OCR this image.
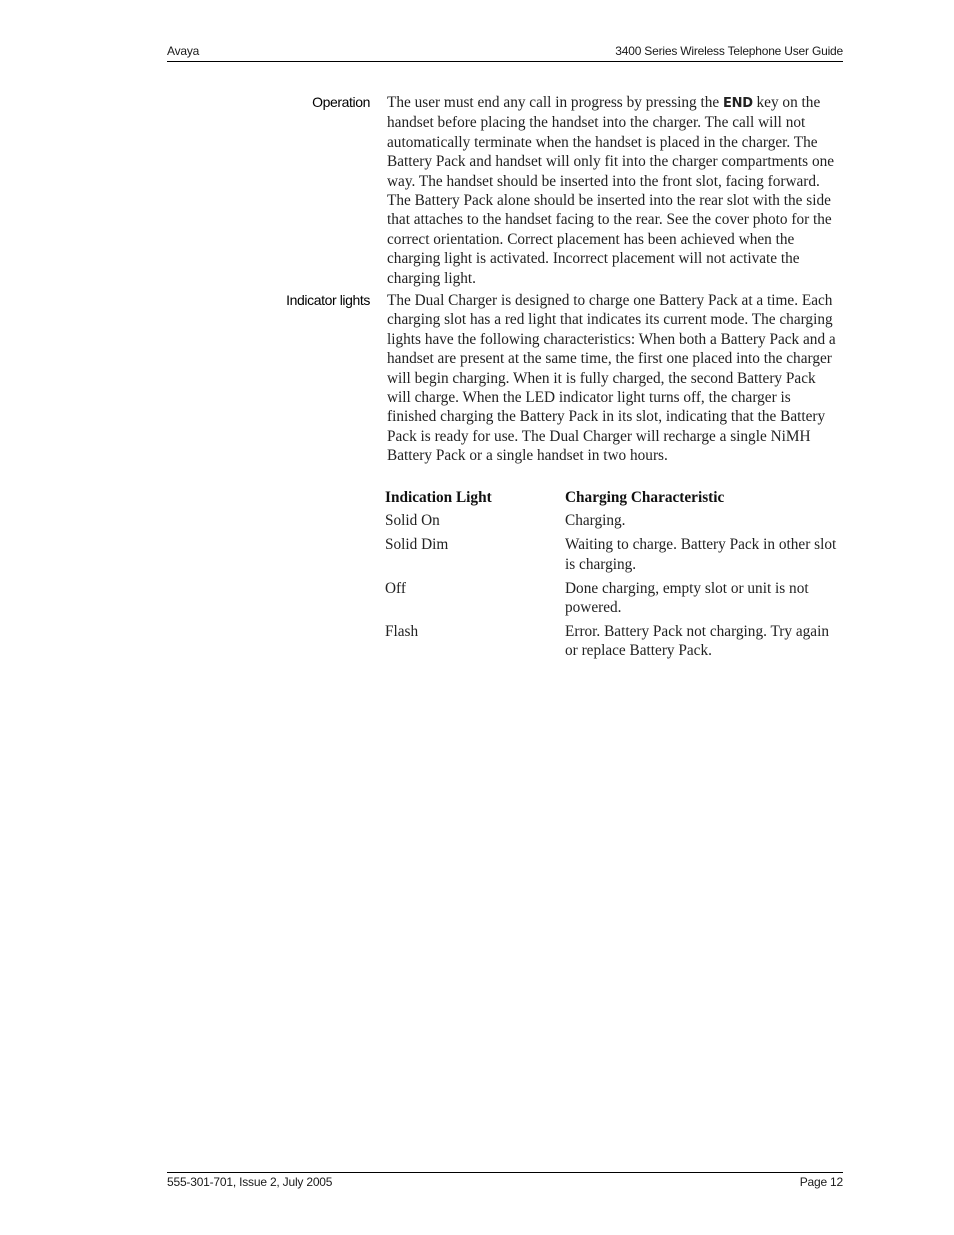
Avaya	3400 Series Wireless Telephone User Guide
Operation The user must end any call in progress by pressing the END key on the handset before placing the handset into the charger. The call will not automatically terminate when the handset is placed in the charger. The Battery Pack and handset will only fit into the charger compartments one way. The handset should be inserted into the front slot, facing forward. The Battery Pack alone should be inserted into the rear slot with the side that attaches to the handset facing to the rear. See the cover photo for the correct orientation. Correct placement has been achieved when the charging light is activated. Incorrect placement will not activate the charging light.
Indicator lights The Dual Charger is designed to charge one Battery Pack at a time. Each charging slot has a red light that indicates its current mode. The charging lights have the following characteristics: When both a Battery Pack and a handset are present at the same time, the first one placed into the charger will begin charging. When it is fully charged, the second Battery Pack will charge. When the LED indicator light turns off, the charger is finished charging the Battery Pack in its slot, indicating that the Battery Pack is ready for use. The Dual Charger will recharge a single NiMH Battery Pack or a single handset in two hours.
Indication Light	Charging Characteristic
Solid On	Charging.
Solid Dim	Waiting to charge. Battery Pack in other slot is charging.
Off	Done charging, empty slot or unit is not powered.
Flash	Error. Battery Pack not charging. Try again or replace Battery Pack.
555-301-701, Issue 2, July 2005	Page 12
